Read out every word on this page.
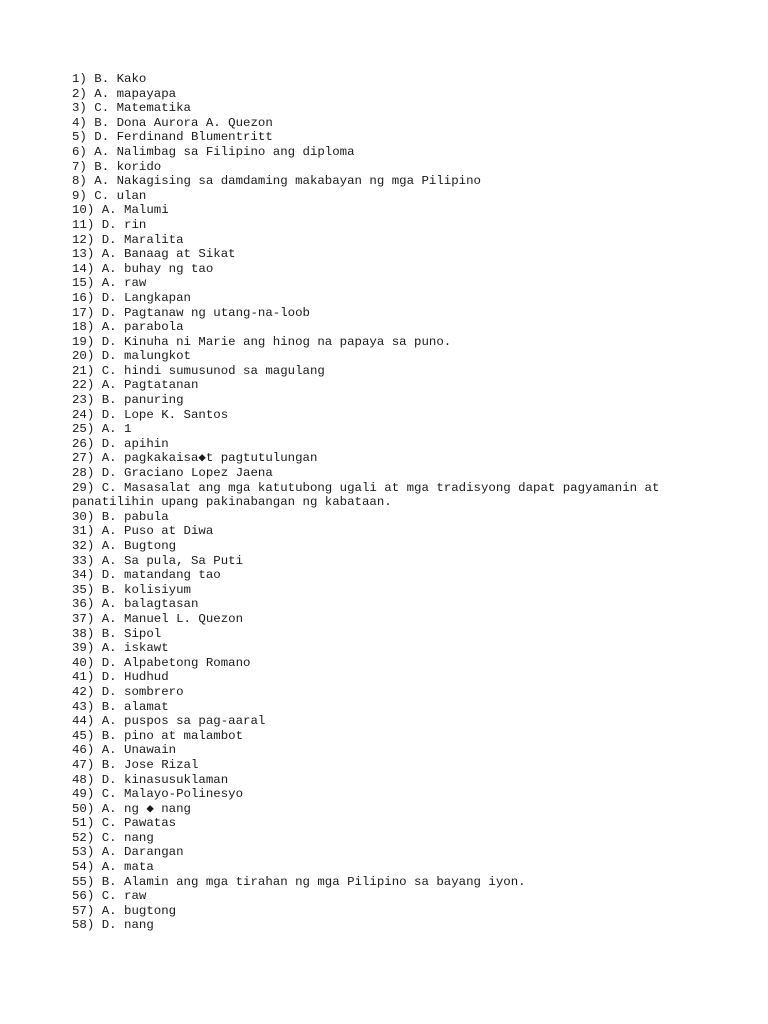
1) B. Kako
2) A. mapayapa
3) C. Matematika
4) B. Dona Aurora A. Quezon
5) D. Ferdinand Blumentritt
6) A. Nalimbag sa Filipino ang diploma
7) B. korido
8) A. Nakagising sa damdaming makabayan ng mga Pilipino
9) C. ulan
10) A. Malumi
11) D. rin
12) D. Maralita
13) A. Banaag at Sikat
14) A. buhay ng tao
15) A. raw
16) D. Langkapan
17) D. Pagtanaw ng utang-na-loob
18) A. parabola
19) D. Kinuha ni Marie ang hinog na papaya sa puno.
20) D. malungkot
21) C. hindi sumusunod sa magulang
22) A. Pagtatanan
23) B. panuring
24) D. Lope K. Santos
25) A. 1
26) D. apihin
27) A. pagkakaisa◆t pagtutulungan
28) D. Graciano Lopez Jaena
29) C. Masasalat ang mga katutubong ugali at mga tradisyong dapat pagyamanin at panatilihin upang pakinabangan ng kabataan.
30) B. pabula
31) A. Puso at Diwa
32) A. Bugtong
33) A. Sa pula, Sa Puti
34) D. matandang tao
35) B. kolisiyum
36) A. balagtasan
37) A. Manuel L. Quezon
38) B. Sipol
39) A. iskawt
40) D. Alpabetong Romano
41) D. Hudhud
42) D. sombrero
43) B. alamat
44) A. puspos sa pag-aaral
45) B. pino at malambot
46) A. Unawain
47) B. Jose Rizal
48) D. kinasusuklaman
49) C. Malayo-Polinesyo
50) A. ng ◆ nang
51) C. Pawatas
52) C. nang
53) A. Darangan
54) A. mata
55) B. Alamin ang mga tirahan ng mga Pilipino sa bayang iyon.
56) C. raw
57) A. bugtong
58) D. nang
